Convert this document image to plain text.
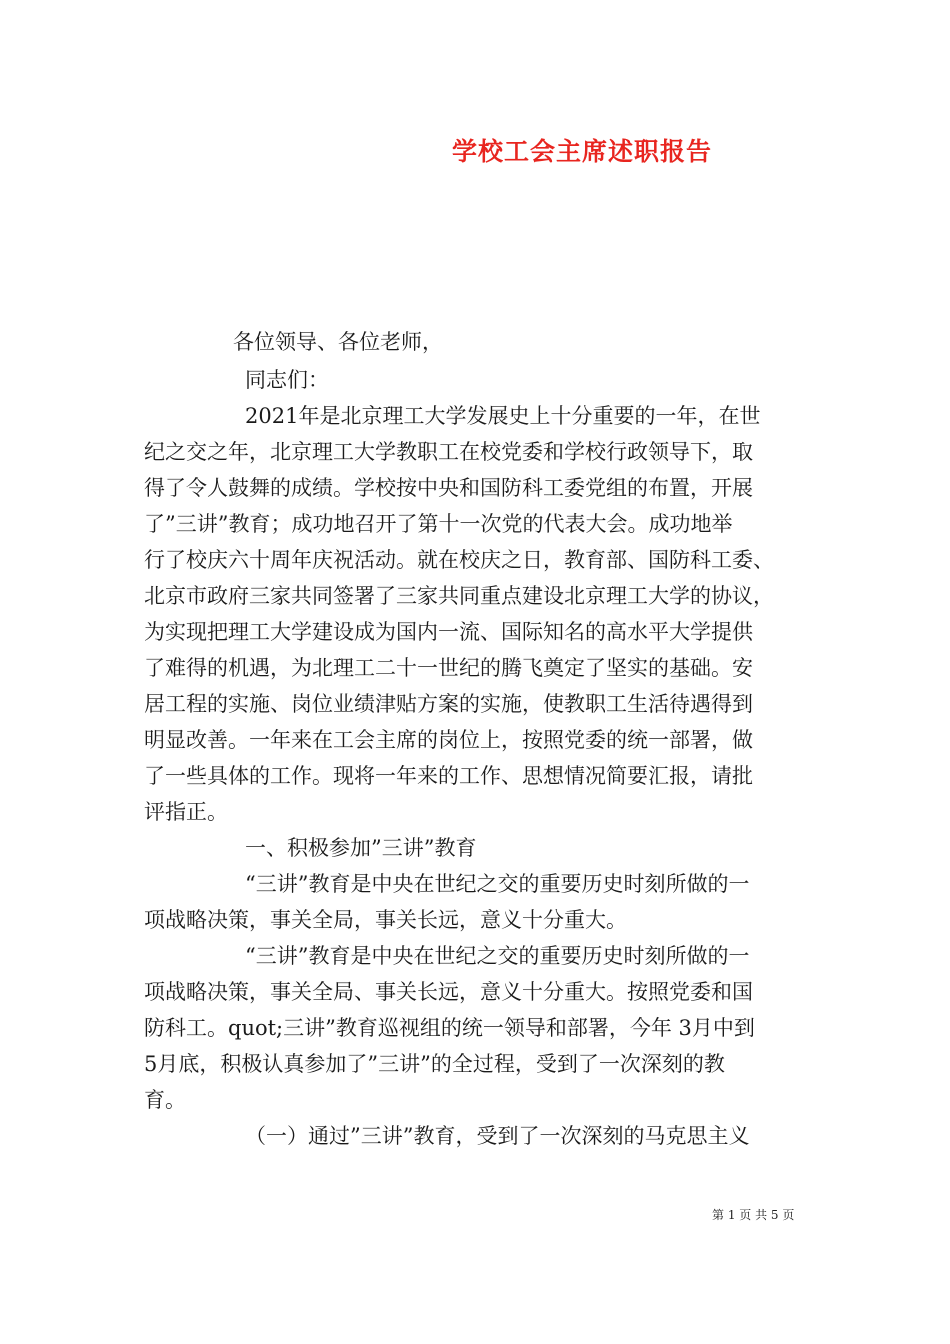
学校工会主席述职报告
各位领导、各位老师，
同志们：
2021年是北京理工大学发展史上十分重要的一年，在世
纪之交之年，北京理工大学教职工在校党委和学校行政领导下，取
得了令人鼓舞的成绩。学校按中央和国防科工委党组的布置，开展
了”三讲”教育；成功地召开了第十一次党的代表大会。成功地举
行了校庆六十周年庆祝活动。就在校庆之日，教育部、国防科工委、
北京市政府三家共同签署了三家共同重点建设北京理工大学的协议，
为实现把理工大学建设成为国内一流、国际知名的高水平大学提供
了难得的机遇，为北理工二十一世纪的腾飞奠定了坚实的基础。安
居工程的实施、岗位业绩津贴方案的实施，使教职工生活待遇得到
明显改善。一年来在工会主席的岗位上，按照党委的统一部署，做
了一些具体的工作。现将一年来的工作、思想情况简要汇报，请批
评指正。
一、积极参加”三讲”教育
“三讲”教育是中央在世纪之交的重要历史时刻所做的一
项战略决策，事关全局，事关长远，意义十分重大。
“三讲”教育是中央在世纪之交的重要历史时刻所做的一
项战略决策，事关全局、事关长远，意义十分重大。按照党委和国
防科工。quot;三讲”教育巡视组的统一领导和部署，今年 3月中到
5月底，积极认真参加了”三讲”的全过程，受到了一次深刻的教
育。
（一）通过”三讲”教育，受到了一次深刻的马克思主义
第 1 页 共 5 页
